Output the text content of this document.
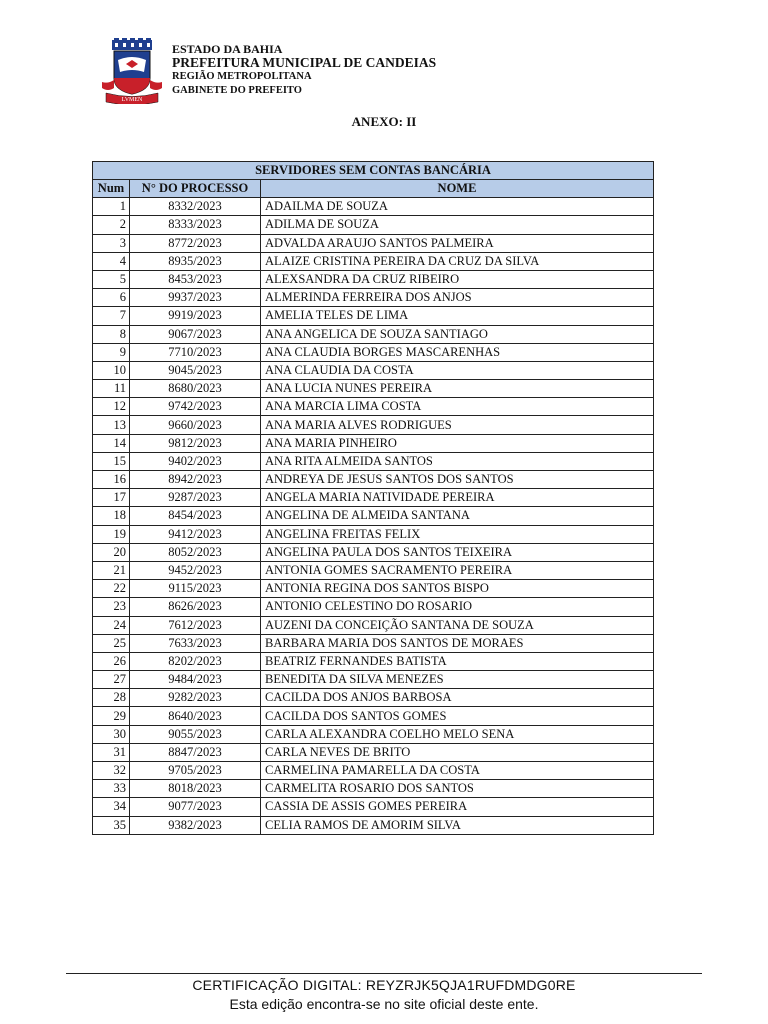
LVMEN
ESTADO DA BAHIA
PREFEITURA MUNICIPAL DE CANDEIAS
REGIÃO METROPOLITANA
GABINETE DO PREFEITO
ANEXO: II
SERVIDORES SEM CONTAS BANCÁRIA		
Num	N° DO PROCESSO	NOME
1	8332/2023	ADAILMA DE SOUZA
2	8333/2023	ADILMA DE SOUZA
3	8772/2023	ADVALDA ARAUJO SANTOS PALMEIRA
4	8935/2023	ALAIZE CRISTINA PEREIRA DA CRUZ DA SILVA
5	8453/2023	ALEXSANDRA DA CRUZ RIBEIRO
6	9937/2023	ALMERINDA FERREIRA DOS ANJOS
7	9919/2023	AMELIA TELES DE LIMA
8	9067/2023	ANA ANGELICA DE SOUZA SANTIAGO
9	7710/2023	ANA CLAUDIA BORGES MASCARENHAS
10	9045/2023	ANA CLAUDIA DA COSTA
11	8680/2023	ANA LUCIA NUNES PEREIRA
12	9742/2023	ANA MARCIA LIMA COSTA
13	9660/2023	ANA MARIA ALVES RODRIGUES
14	9812/2023	ANA MARIA PINHEIRO
15	9402/2023	ANA RITA ALMEIDA SANTOS
16	8942/2023	ANDREYA DE JESUS SANTOS DOS SANTOS
17	9287/2023	ANGELA MARIA NATIVIDADE PEREIRA
18	8454/2023	ANGELINA DE ALMEIDA SANTANA
19	9412/2023	ANGELINA FREITAS FELIX
20	8052/2023	ANGELINA PAULA DOS SANTOS TEIXEIRA
21	9452/2023	ANTONIA GOMES SACRAMENTO PEREIRA
22	9115/2023	ANTONIA REGINA DOS SANTOS BISPO
23	8626/2023	ANTONIO CELESTINO DO ROSARIO
24	7612/2023	AUZENI DA CONCEIÇÃO SANTANA DE SOUZA
25	7633/2023	BARBARA MARIA DOS SANTOS DE MORAES
26	8202/2023	BEATRIZ FERNANDES BATISTA
27	9484/2023	BENEDITA DA SILVA MENEZES
28	9282/2023	CACILDA DOS ANJOS BARBOSA
29	8640/2023	CACILDA DOS SANTOS GOMES
30	9055/2023	CARLA ALEXANDRA COELHO MELO SENA
31	8847/2023	CARLA NEVES DE BRITO
32	9705/2023	CARMELINA PAMARELLA DA COSTA
33	8018/2023	CARMELITA ROSARIO DOS SANTOS
34	9077/2023	CASSIA DE ASSIS GOMES PEREIRA
35	9382/2023	CELIA RAMOS DE AMORIM SILVA
CERTIFICAÇÃO DIGITAL: REYZRJK5QJA1RUFDMDG0RE
Esta edição encontra-se no site oficial deste ente.
